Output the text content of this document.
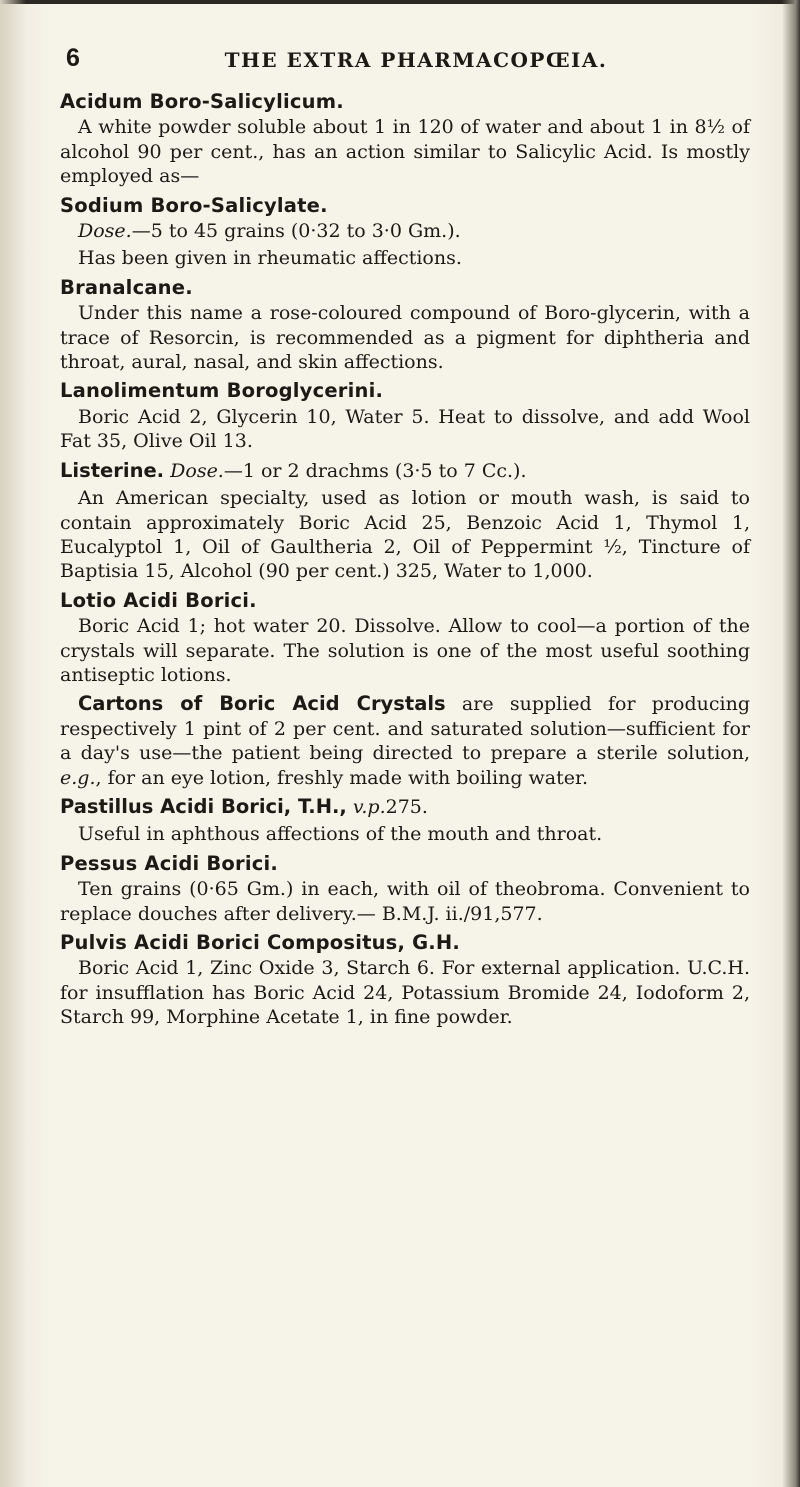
6	THE EXTRA PHARMACOPŒIA.
Acidum Boro-Salicylicum.

A white powder soluble about 1 in 120 of water and about 1 in 8½ of alcohol 90 per cent., has an action similar to Salicylic Acid. Is mostly employed as—

Sodium Boro-Salicylate.

Dose.—5 to 45 grains (0·32 to 3·0 Gm.).

Has been given in rheumatic affections.

Branalcane.

Under this name a rose-coloured compound of Boro-glycerin, with a trace of Resorcin, is recommended as a pigment for diphtheria and throat, aural, nasal, and skin affections.

Lanolimentum Boroglycerini.

Boric Acid 2, Glycerin 10, Water 5. Heat to dissolve, and add Wool Fat 35, Olive Oil 13.

Listerine. Dose.—1 or 2 drachms (3·5 to 7 Cc.).

An American specialty, used as lotion or mouth wash, is said to contain approximately Boric Acid 25, Benzoic Acid 1, Thymol 1, Eucalyptol 1, Oil of Gaultheria 2, Oil of Peppermint ½, Tincture of Baptisia 15, Alcohol (90 per cent.) 325, Water to 1,000.

Lotio Acidi Borici.

Boric Acid 1; hot water 20. Dissolve. Allow to cool—a portion of the crystals will separate. The solution is one of the most useful soothing antiseptic lotions.

Cartons of Boric Acid Crystals are supplied for producing respectively 1 pint of 2 per cent. and saturated solution—sufficient for a day's use—the patient being directed to prepare a sterile solution, e.g., for an eye lotion, freshly made with boiling water.

Pastillus Acidi Borici, T.H., v.p.275.

Useful in aphthous affections of the mouth and throat.

Pessus Acidi Borici.

Ten grains (0·65 Gm.) in each, with oil of theobroma. Convenient to replace douches after delivery.— B.M.J. ii./91,577.

Pulvis Acidi Borici Compositus, G.H.

Boric Acid 1, Zinc Oxide 3, Starch 6. For external application. U.C.H. for insufflation has Boric Acid 24, Potassium Bromide 24, Iodoform 2, Starch 99, Morphine Acetate 1, in fine powder.
